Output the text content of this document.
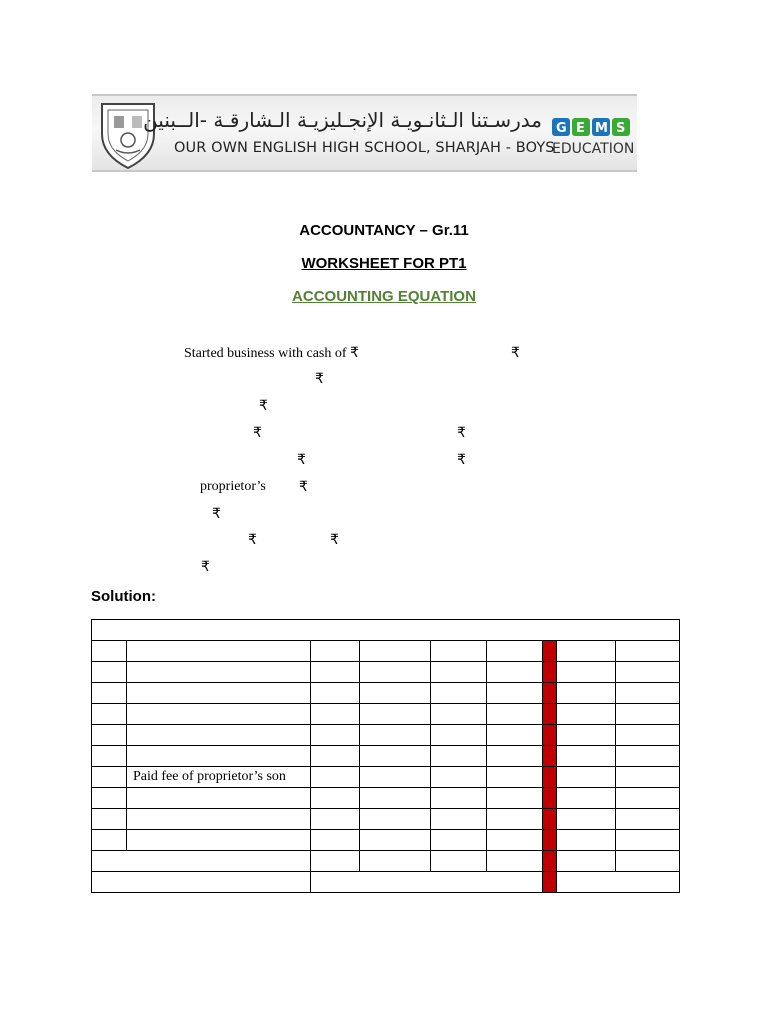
مدرسـتنا الـثانـويـة الإنجـليزيـة الـشارقـة -الــبنين
OUR OWN ENGLISH HIGH SCHOOL, SHARJAH - BOYS
G E M S
EDUCATION
ACCOUNTANCY – Gr.11
WORKSHEET FOR PT1
ACCOUNTING EQUATION
Started business with cash of ₹	₹
₹
₹
₹	₹
₹	₹
proprietor’s ₹
₹
₹	₹
₹
Solution:

	Paid fee of proprietor’s son							
